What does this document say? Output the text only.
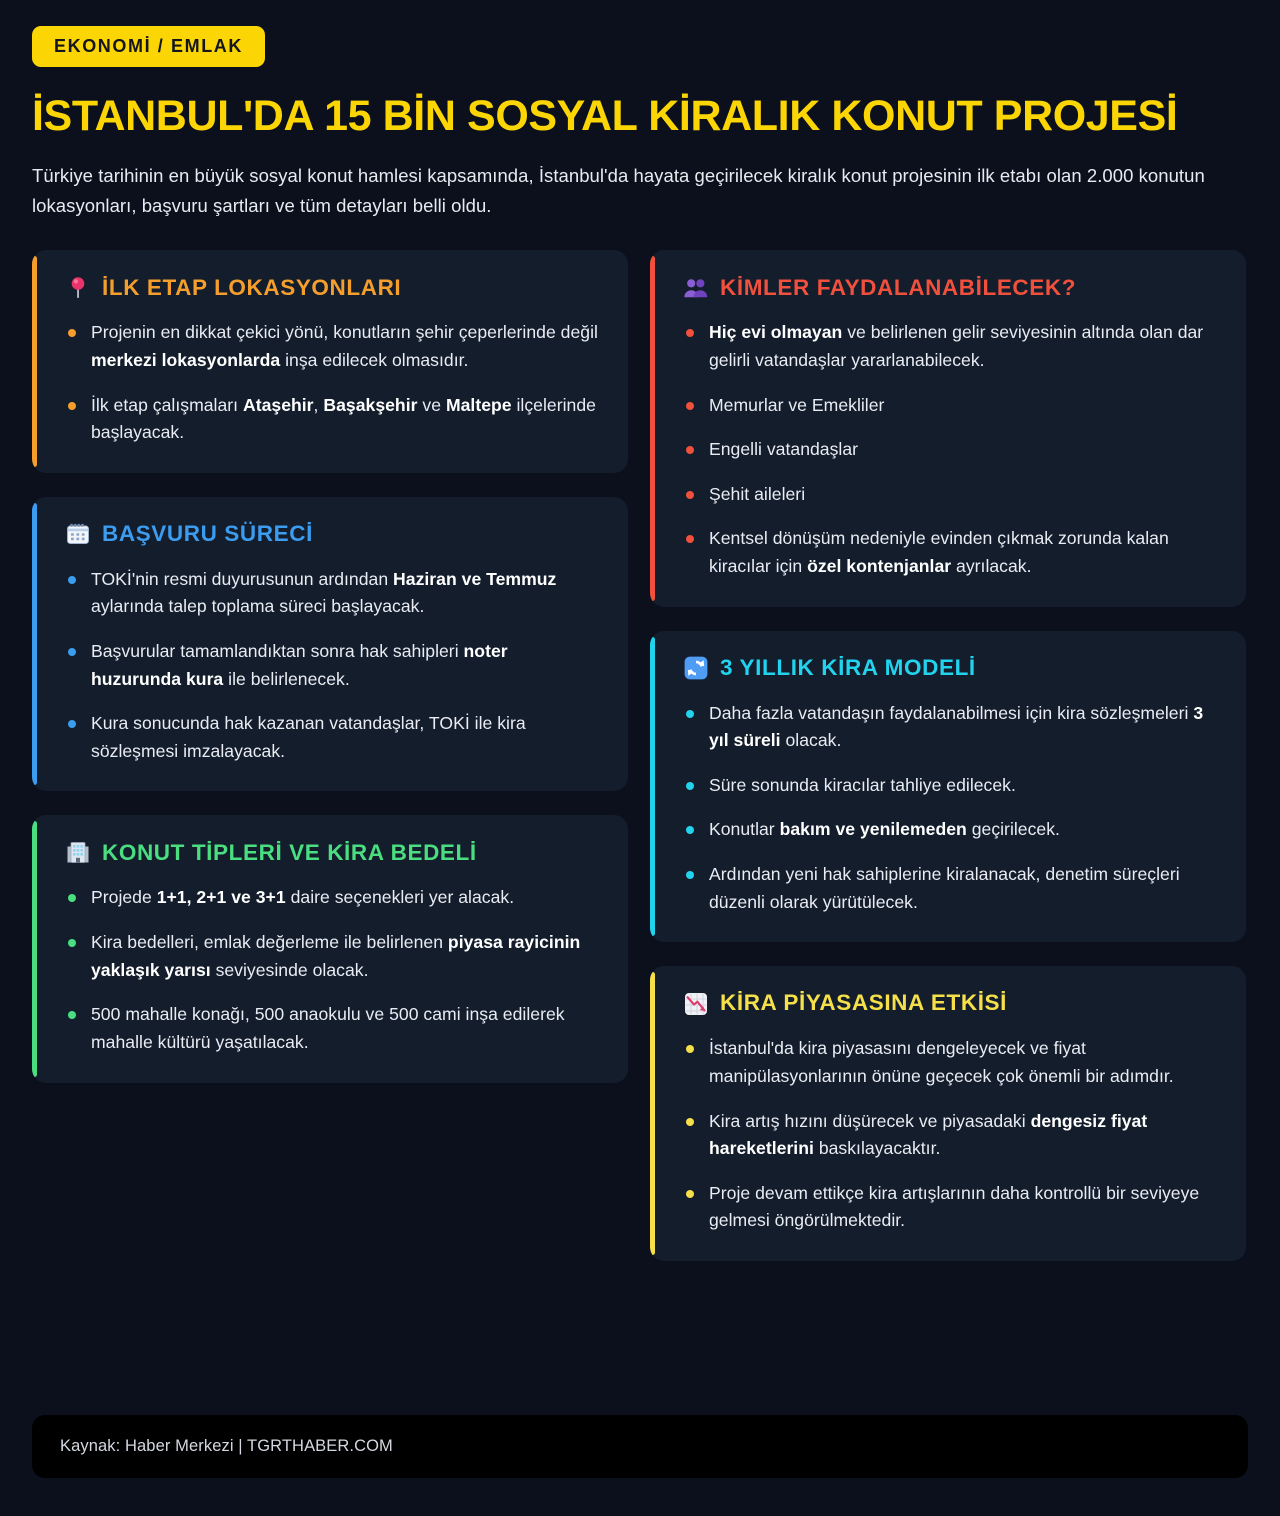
EKONOMİ / EMLAK
İSTANBUL'DA 15 BİN SOSYAL KİRALIK KONUT PROJESİ

Türkiye tarihinin en büyük sosyal konut hamlesi kapsamında, İstanbul'da hayata geçirilecek kiralık konut projesinin ilk etabı olan 2.000 konutun lokasyonları, başvuru şartları ve tüm detayları belli oldu.

İLK ETAP LOKASYONLARI
Projenin en dikkat çekici yönü, konutların şehir çeperlerinde değil merkezi lokasyonlarda inşa edilecek olmasıdır.
İlk etap çalışmaları Ataşehir, Başakşehir ve Maltepe ilçelerinde başlayacak.
BAŞVURU SÜRECİ
TOKİ'nin resmi duyurusunun ardından Haziran ve Temmuz aylarında talep toplama süreci başlayacak.
Başvurular tamamlandıktan sonra hak sahipleri noter huzurunda kura ile belirlenecek.
Kura sonucunda hak kazanan vatandaşlar, TOKİ ile kira sözleşmesi imzalayacak.
KONUT TİPLERİ VE KİRA BEDELİ
Projede 1+1, 2+1 ve 3+1 daire seçenekleri yer alacak.
Kira bedelleri, emlak değerleme ile belirlenen piyasa rayicinin yaklaşık yarısı seviyesinde olacak.
500 mahalle konağı, 500 anaokulu ve 500 cami inşa edilerek mahalle kültürü yaşatılacak.
KİMLER FAYDALANABİLECEK?
Hiç evi olmayan ve belirlenen gelir seviyesinin altında olan dar gelirli vatandaşlar yararlanabilecek.
Memurlar ve Emekliler
Engelli vatandaşlar
Şehit aileleri
Kentsel dönüşüm nedeniyle evinden çıkmak zorunda kalan kiracılar için özel kontenjanlar ayrılacak.
3 YILLIK KİRA MODELİ
Daha fazla vatandaşın faydalanabilmesi için kira sözleşmeleri 3 yıl süreli olacak.
Süre sonunda kiracılar tahliye edilecek.
Konutlar bakım ve yenilemeden geçirilecek.
Ardından yeni hak sahiplerine kiralanacak, denetim süreçleri düzenli olarak yürütülecek.
KİRA PİYASASINA ETKİSİ
İstanbul'da kira piyasasını dengeleyecek ve fiyat manipülasyonlarının önüne geçecek çok önemli bir adımdır.
Kira artış hızını düşürecek ve piyasadaki dengesiz fiyat hareketlerini baskılayacaktır.
Proje devam ettikçe kira artışlarının daha kontrollü bir seviyeye gelmesi öngörülmektedir.
Kaynak: Haber Merkezi | TGRTHABER.COM
